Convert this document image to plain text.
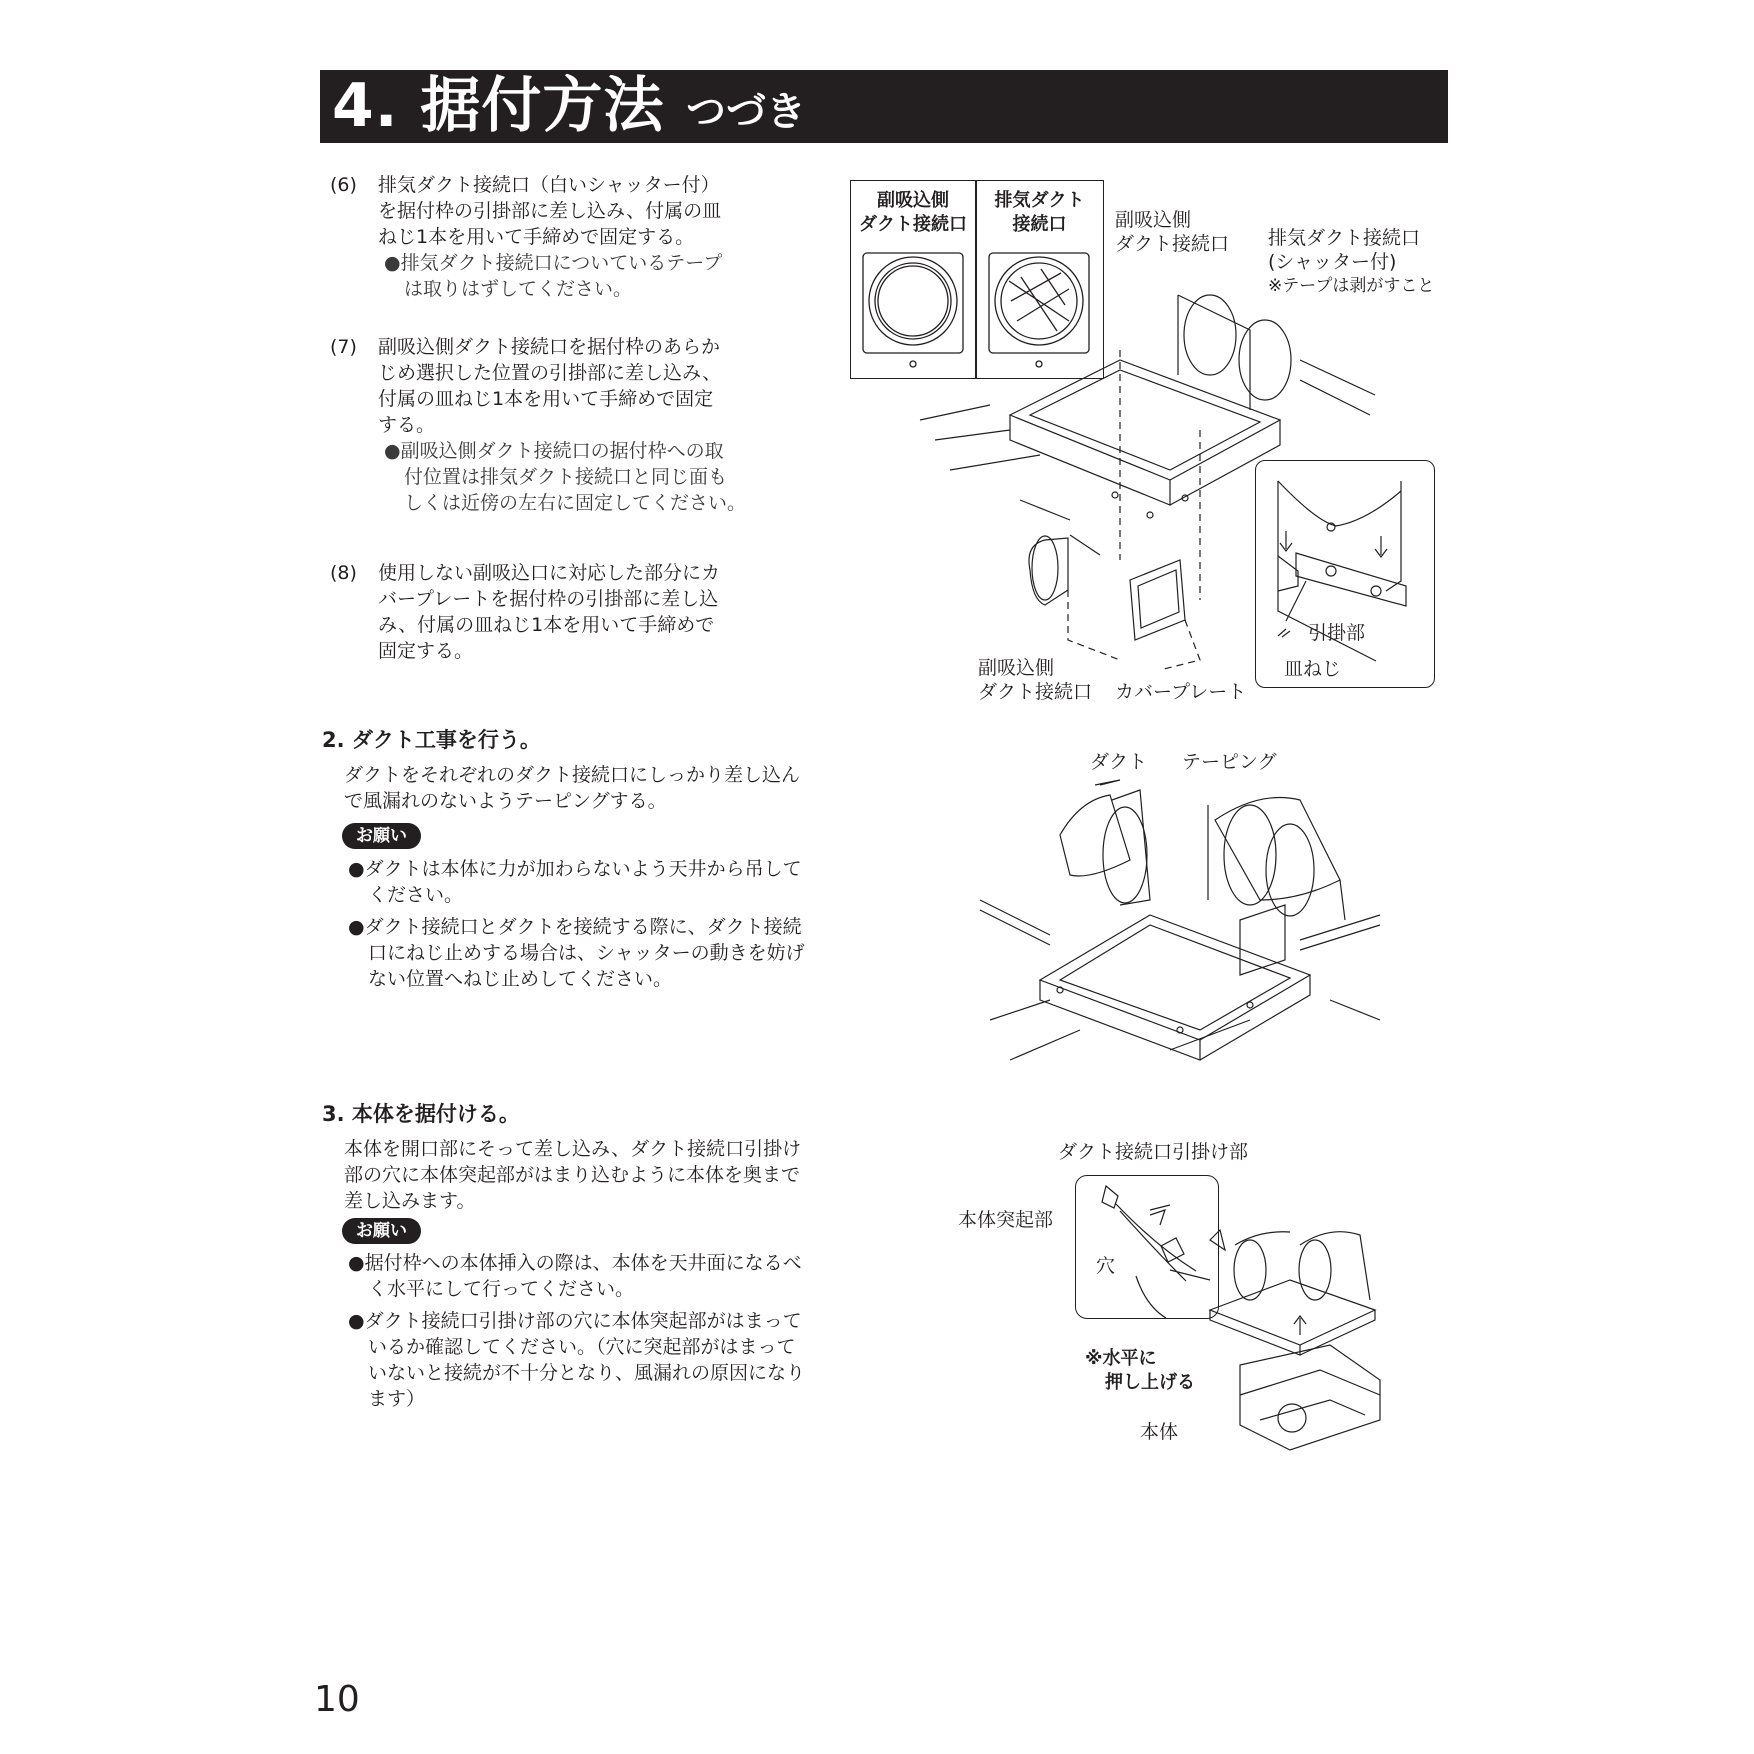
4. 据付方法 つづき
(6) 排気ダクト接続口（白いシャッター付）
を据付枠の引掛部に差し込み、付属の皿
ねじ1本を用いて手締めで固定する。
●排気ダクト接続口についているテープ
は取りはずしてください。
(7) 副吸込側ダクト接続口を据付枠のあらか
じめ選択した位置の引掛部に差し込み、
付属の皿ねじ1本を用いて手締めで固定
する。
●副吸込側ダクト接続口の据付枠への取
付位置は排気ダクト接続口と同じ面も
しくは近傍の左右に固定してください。
(8) 使用しない副吸込口に対応した部分にカ
バープレートを据付枠の引掛部に差し込
み、付属の皿ねじ1本を用いて手締めで
固定する。
2. ダクト工事を行う。
ダクトをそれぞれのダクト接続口にしっかり差し込ん
で風漏れのないようテーピングする。
お願い
●ダクトは本体に力が加わらないよう天井から吊して
ください。
●ダクト接続口とダクトを接続する際に、ダクト接続
口にねじ止めする場合は、シャッターの動きを妨げ
ない位置へねじ止めしてください。
3. 本体を据付ける。
本体を開口部にそって差し込み、ダクト接続口引掛け
部の穴に本体突起部がはまり込むように本体を奥まで
差し込みます。
お願い
●据付枠への本体挿入の際は、本体を天井面になるべ
く水平にして行ってください。
●ダクト接続口引掛け部の穴に本体突起部がはまって
いるか確認してください。（穴に突起部がはまって
いないと接続が不十分となり、風漏れの原因になり
ます）
副吸込側
ダクト接続口
排気ダクト
接続口	副吸込側
ダクト接続口 排気ダクト接続口
(シャッター付)
※テープは剥がすこと
引掛部
皿ねじ
副吸込側
ダクト接続口 カバープレート
ダクト テーピング
ダクト接続口引掛け部
本体突起部
穴
※水平に
押し上げる
本体
10
